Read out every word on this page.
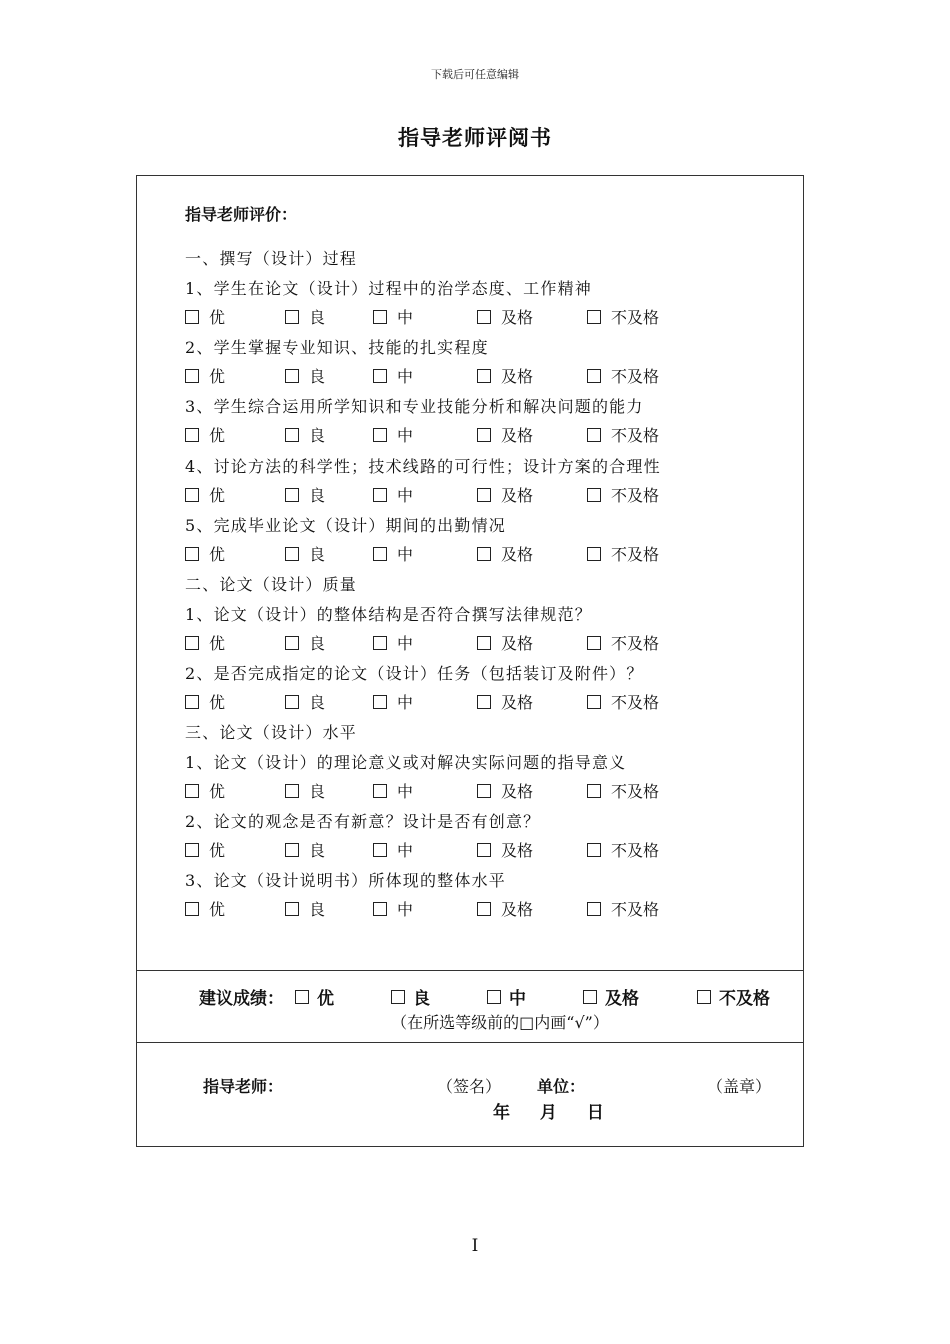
下载后可任意编辑
指导老师评阅书
指导老师评价：
一、撰写（设计）过程
1、学生在论文（设计）过程中的治学态度、工作精神
优	良	中	及格	不及格
2、学生掌握专业知识、技能的扎实程度
优	良	中	及格	不及格
3、学生综合运用所学知识和专业技能分析和解决问题的能力
优	良	中	及格	不及格
4、讨论方法的科学性；技术线路的可行性；设计方案的合理性
优	良	中	及格	不及格
5、完成毕业论文（设计）期间的出勤情况
优	良	中	及格	不及格
二、论文（设计）质量
1、论文（设计）的整体结构是否符合撰写法律规范？
优	良	中	及格	不及格
2、是否完成指定的论文（设计）任务（包括装订及附件）？
优	良	中	及格	不及格
三、论文（设计）水平
1、论文（设计）的理论意义或对解决实际问题的指导意义
优	良	中	及格	不及格
2、论文的观念是否有新意？设计是否有创意？
优	良	中	及格	不及格
3、论文（设计说明书）所体现的整体水平
优	良	中	及格	不及格
建议成绩：	优	良	中	及格	不及格
（在所选等级前的□内画“√”）
指导老师：	（签名） 单位：	（盖章）
年 月 日
I
